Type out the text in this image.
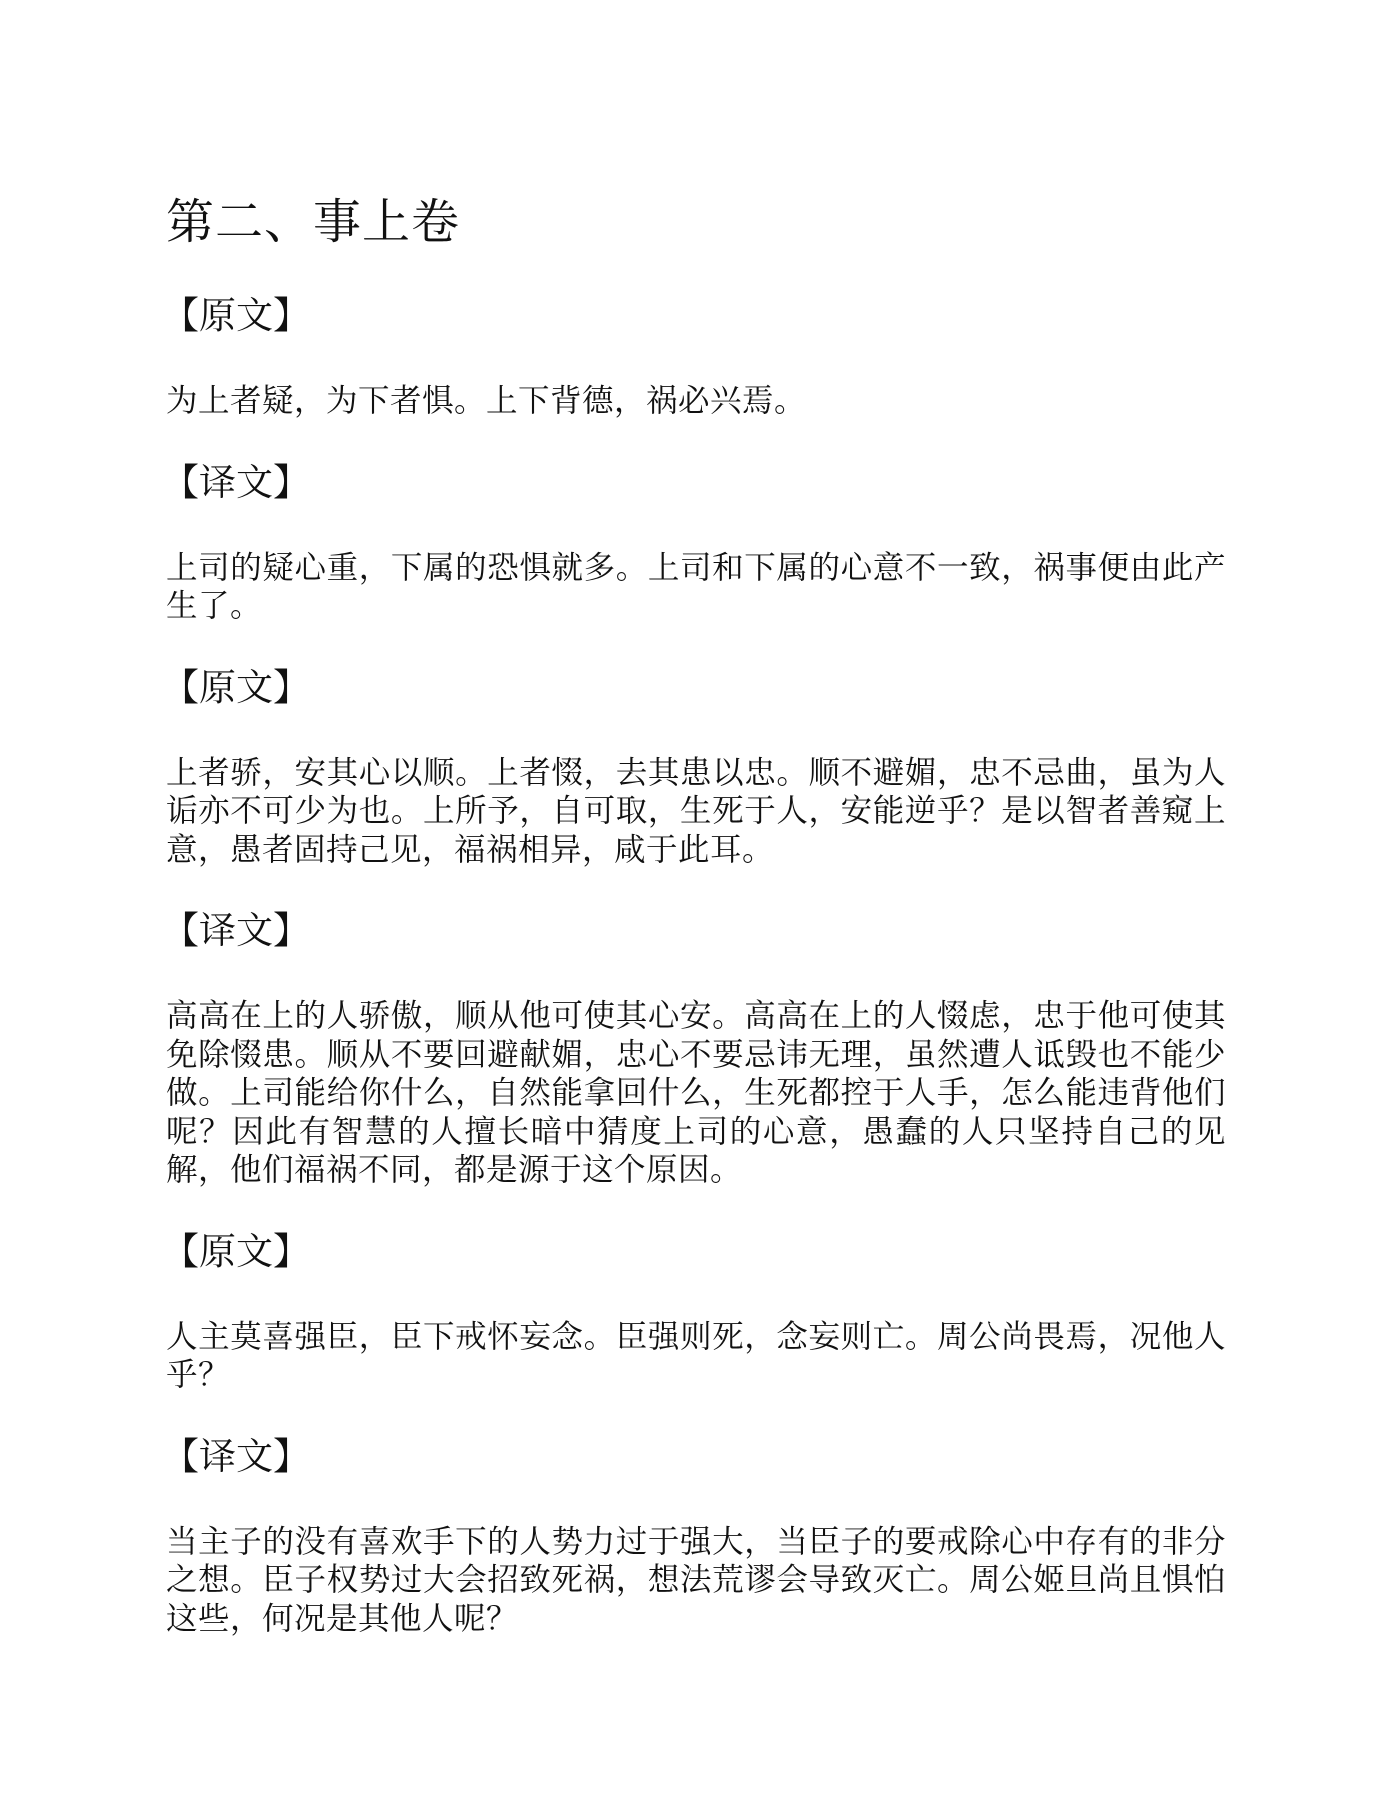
第二、事上卷
【原文】

为上者疑，为下者惧。上下背德，祸必兴焉。

【译文】

上司的疑心重，下属的恐惧就多。上司和下属的心意不一致，祸事便由此产生了。

【原文】

上者骄，安其心以顺。上者惙，去其患以忠。顺不避媚，忠不忌曲，虽为人诟亦不可少为也。上所予，自可取，生死于人，安能逆乎？是以智者善窥上意，愚者固持己见，福祸相异，咸于此耳。

【译文】

高高在上的人骄傲，顺从他可使其心安。高高在上的人惙虑，忠于他可使其免除惙患。顺从不要回避献媚，忠心不要忌讳无理，虽然遭人诋毁也不能少做。上司能给你什么，自然能拿回什么，生死都控于人手，怎么能违背他们呢？因此有智慧的人擅长暗中猜度上司的心意，愚蠢的人只坚持自己的见解，他们福祸不同，都是源于这个原因。

【原文】

人主莫喜强臣，臣下戒怀妄念。臣强则死，念妄则亡。周公尚畏焉，况他人乎？

【译文】

当主子的没有喜欢手下的人势力过于强大，当臣子的要戒除心中存有的非分之想。臣子权势过大会招致死祸，想法荒谬会导致灭亡。周公姬旦尚且惧怕这些，何况是其他人呢？
